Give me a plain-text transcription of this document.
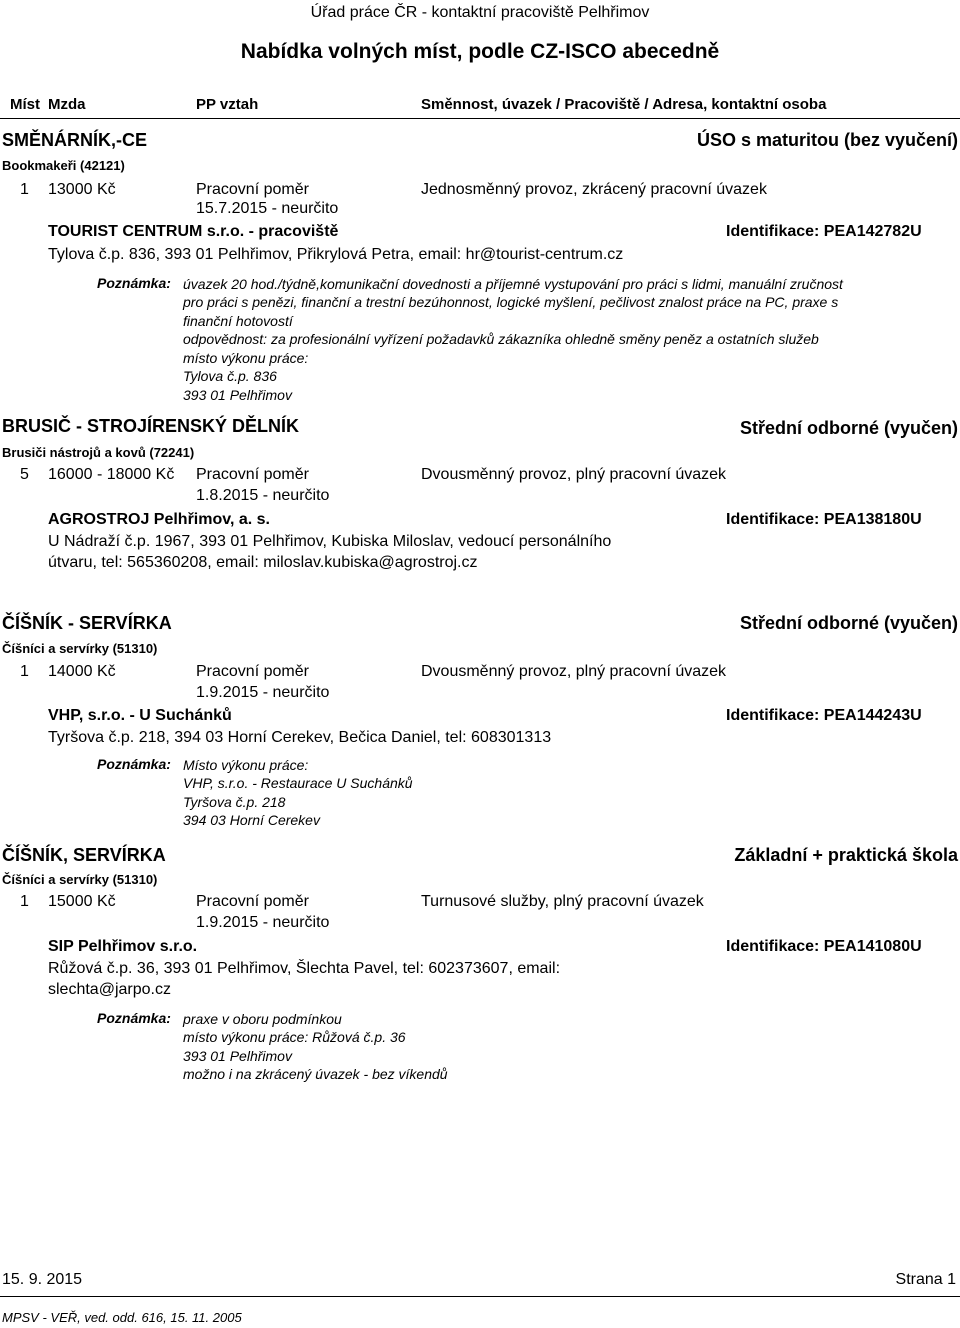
Úřad práce ČR - kontaktní pracoviště Pelhřimov
Nabídka volných míst, podle CZ-ISCO abecedně
Míst Mzda	PP vztah	Směnnost, úvazek / Pracoviště / Adresa, kontaktní osoba
SMĚNÁRNÍK,-CE	ÚSO s maturitou (bez vyučení)
Bookmakeři (42121)
1 13000 Kč	Pracovní poměr	Jednosměnný provoz, zkrácený pracovní úvazek
15.7.2015 - neurčito
TOURIST CENTRUM s.r.o. - pracoviště	Identifikace: PEA142782U
Tylova č.p. 836, 393 01 Pelhřimov, Přikrylová Petra, email: hr@tourist-centrum.cz
Poznámka: úvazek 20 hod./týdně,komunikační dovednosti a příjemné vystupování pro práci s lidmi, manuální zručnost
pro práci s penězi, finanční a trestní bezúhonnost, logické myšlení, pečlivost znalost práce na PC, praxe s
finanční hotovostí
odpovědnost: za profesionální vyřízení požadavků zákazníka ohledně směny peněz a ostatních služeb
místo výkonu práce:
Tylova č.p. 836
393 01 Pelhřimov
BRUSIČ - STROJÍRENSKÝ DĚLNÍK	Střední odborné (vyučen)
Brusiči nástrojů a kovů (72241)
5 16000 - 18000 Kč Pracovní poměr	Dvousměnný provoz, plný pracovní úvazek
1.8.2015 - neurčito
AGROSTROJ Pelhřimov, a. s.	Identifikace: PEA138180U
U Nádraží č.p. 1967, 393 01 Pelhřimov, Kubiska Miloslav, vedoucí personálního
útvaru, tel: 565360208, email: miloslav.kubiska@agrostroj.cz
ČÍŠNÍK - SERVÍRKA	Střední odborné (vyučen)
Číšníci a servírky (51310)
1 14000 Kč	Pracovní poměr	Dvousměnný provoz, plný pracovní úvazek
1.9.2015 - neurčito
VHP, s.r.o. - U Suchánků	Identifikace: PEA144243U
Tyršova č.p. 218, 394 03 Horní Cerekev, Bečica Daniel, tel: 608301313
Poznámka: Místo výkonu práce:
VHP, s.r.o. - Restaurace U Suchánků
Tyršova č.p. 218
394 03 Horní Cerekev
ČÍŠNÍK, SERVÍRKA	Základní + praktická škola
Číšníci a servírky (51310)
1 15000 Kč	Pracovní poměr	Turnusové služby, plný pracovní úvazek
1.9.2015 - neurčito
SIP Pelhřimov s.r.o.	Identifikace: PEA141080U
Růžová č.p. 36, 393 01 Pelhřimov, Šlechta Pavel, tel: 602373607, email:
slechta@jarpo.cz
Poznámka: praxe v oboru podmínkou
místo výkonu práce: Růžová č.p. 36
393 01 Pelhřimov
možno i na zkrácený úvazek - bez víkendů
15. 9. 2015	Strana 1
MPSV - VEŘ, ved. odd. 616, 15. 11. 2005
